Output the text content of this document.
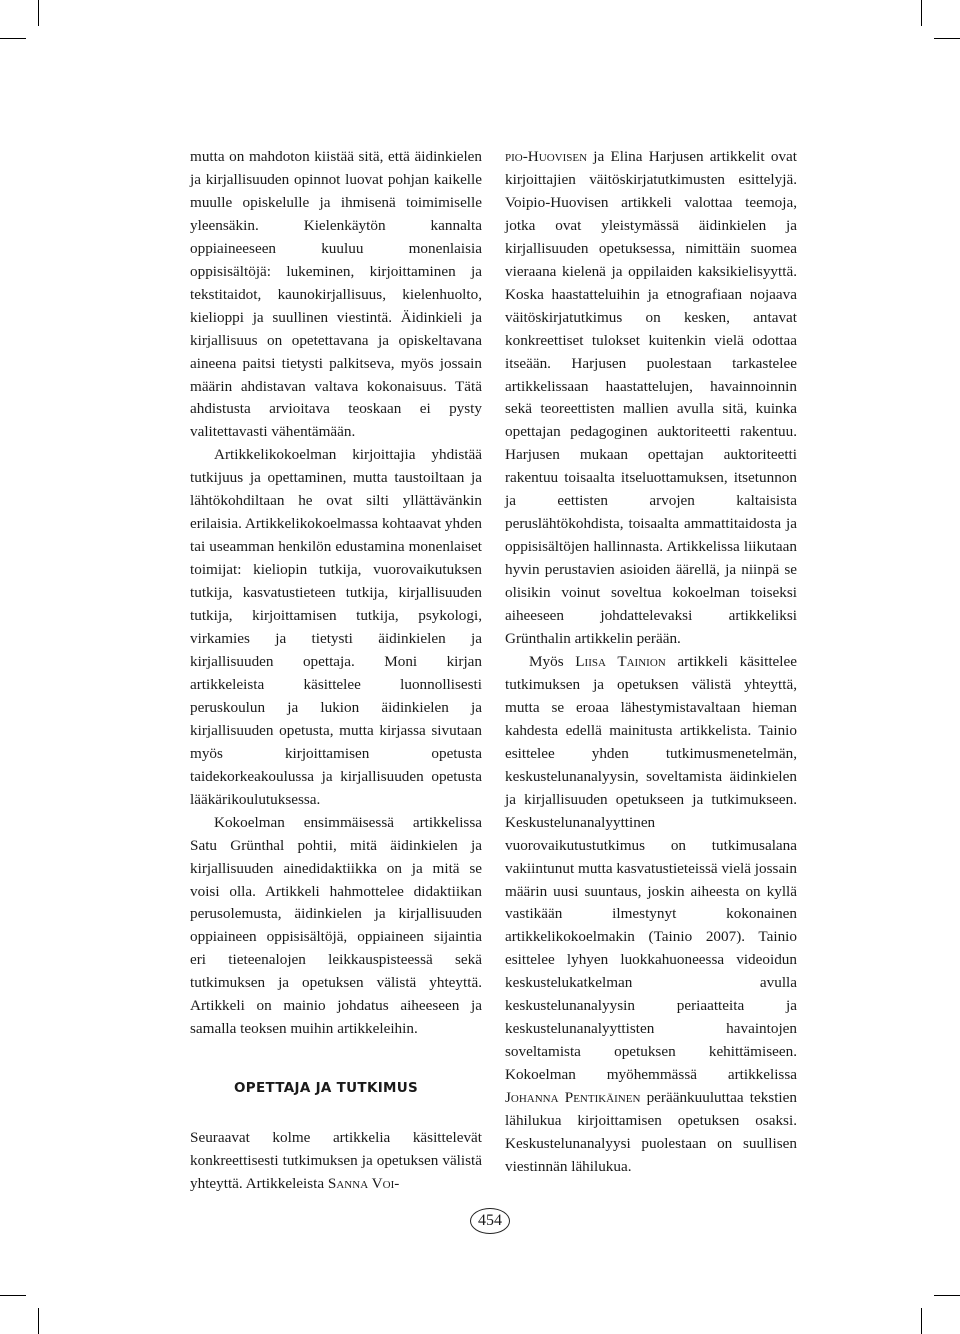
mutta on mahdoton kiistää sitä, että äidinkielen ja kirjallisuuden opinnot luovat pohjan kaikelle muulle opiskelulle ja ihmisenä toimimiselle yleensäkin. Kielenkäytön kannalta oppiaineeseen kuuluu monenlaisia oppisisältöjä: lukeminen, kirjoittaminen ja tekstitaidot, kaunokirjallisuus, kielenhuolto, kielioppi ja suullinen viestintä. Äidinkieli ja kirjallisuus on opetettavana ja opiskeltavana aineena paitsi tietysti palkitseva, myös jossain määrin ahdistavan valtava kokonaisuus. Tätä ahdistusta arvioitava teoskaan ei pysty valitettavasti vähentämään.

Artikkelikokoelman kirjoittajia yhdistää tutkijuus ja opettaminen, mutta taustoiltaan ja lähtökohdiltaan he ovat silti yllättävänkin erilaisia. Artikkelikokoelmassa kohtaavat yhden tai useamman henkilön edustamina monenlaiset toimijat: kieliopin tutkija, vuorovaikutuksen tutkija, kasvatustieteen tutkija, kirjallisuuden tutkija, kirjoittamisen tutkija, psykologi, virkamies ja tietysti äidinkielen ja kirjallisuuden opettaja. Moni kirjan artikkeleista käsittelee luonnollisesti peruskoulun ja lukion äidinkielen ja kirjallisuuden opetusta, mutta kirjassa sivutaan myös kirjoittamisen opetusta taidekorkeakoulussa ja kirjallisuuden opetusta lääkärikoulutuksessa.

Kokoelman ensimmäisessä artikkelissa Satu Grünthal pohtii, mitä äidinkielen ja kirjallisuuden ainedidaktiikka on ja mitä se voisi olla. Artikkeli hahmottelee didaktiikan perusolemusta, äidinkielen ja kirjallisuuden oppiaineen oppisisältöjä, oppiaineen sijaintia eri tieteenalojen leikkauspisteessä sekä tutkimuksen ja opetuksen välistä yhteyttä. Artikkeli on mainio johdatus aiheeseen ja samalla teoksen muihin artikkeleihin.

OPETTAJA JA TUTKIMUS

Seuraavat kolme artikkelia käsittelevät konkreettisesti tutkimuksen ja opetuksen välistä yhteyttä. Artikkeleista Sanna Voi-

pio-Huovisen ja Elina Harjusen artikkelit ovat kirjoittajien väitöskirjatutkimusten esittelyjä. Voipio-Huovisen artikkeli valottaa teemoja, jotka ovat yleistymässä äidinkielen ja kirjallisuuden opetuksessa, nimittäin suomea vieraana kielenä ja oppilaiden kaksikielisyyttä. Koska haastatteluihin ja etnografiaan nojaava väitöskirjatutkimus on kesken, antavat konkreettiset tulokset kuitenkin vielä odottaa itseään. Harjusen puolestaan tarkastelee artikkelissaan haastattelujen, havainnoinnin sekä teoreettisten mallien avulla sitä, kuinka opettajan pedagoginen auktoriteetti rakentuu. Harjusen mukaan opettajan auktoriteetti rakentuu toisaalta itseluottamuksen, itsetunnon ja eettisten arvojen kaltaisista peruslähtökohdista, toisaalta ammattitaidosta ja oppisisältöjen hallinnasta. Artikkelissa liikutaan hyvin perustavien asioiden äärellä, ja niinpä se olisikin voinut soveltua kokoelman toiseksi aiheeseen johdattelevaksi artikkeliksi Grünthalin artikkelin perään.

Myös Liisa Tainion artikkeli käsittelee tutkimuksen ja opetuksen välistä yhteyttä, mutta se eroaa lähestymistavaltaan hieman kahdesta edellä mainitusta artikkelista. Tainio esittelee yhden tutkimusmenetelmän, keskustelunanalyysin, soveltamista äidinkielen ja kirjallisuuden opetukseen ja tutkimukseen. Keskustelunanalyyttinen vuorovaikutustutkimus on tutkimusalana vakiintunut mutta kasvatustieteissä vielä jossain määrin uusi suuntaus, joskin aiheesta on kyllä vastikään ilmestynyt kokonainen artikkelikokoelmakin (Tainio 2007). Tainio esittelee lyhyen luokkahuoneessa videoidun keskustelukatkelman avulla keskustelunanalyysin periaatteita ja keskustelunanalyyttisten havaintojen soveltamista opetuksen kehittämiseen. Kokoelman myöhemmässä artikkelissa Johanna Pentikäinen peräänkuuluttaa tekstien lähilukua kirjoittamisen opetuksen osaksi. Keskustelunanalyysi puolestaan on suullisen viestinnän lähilukua.

454
